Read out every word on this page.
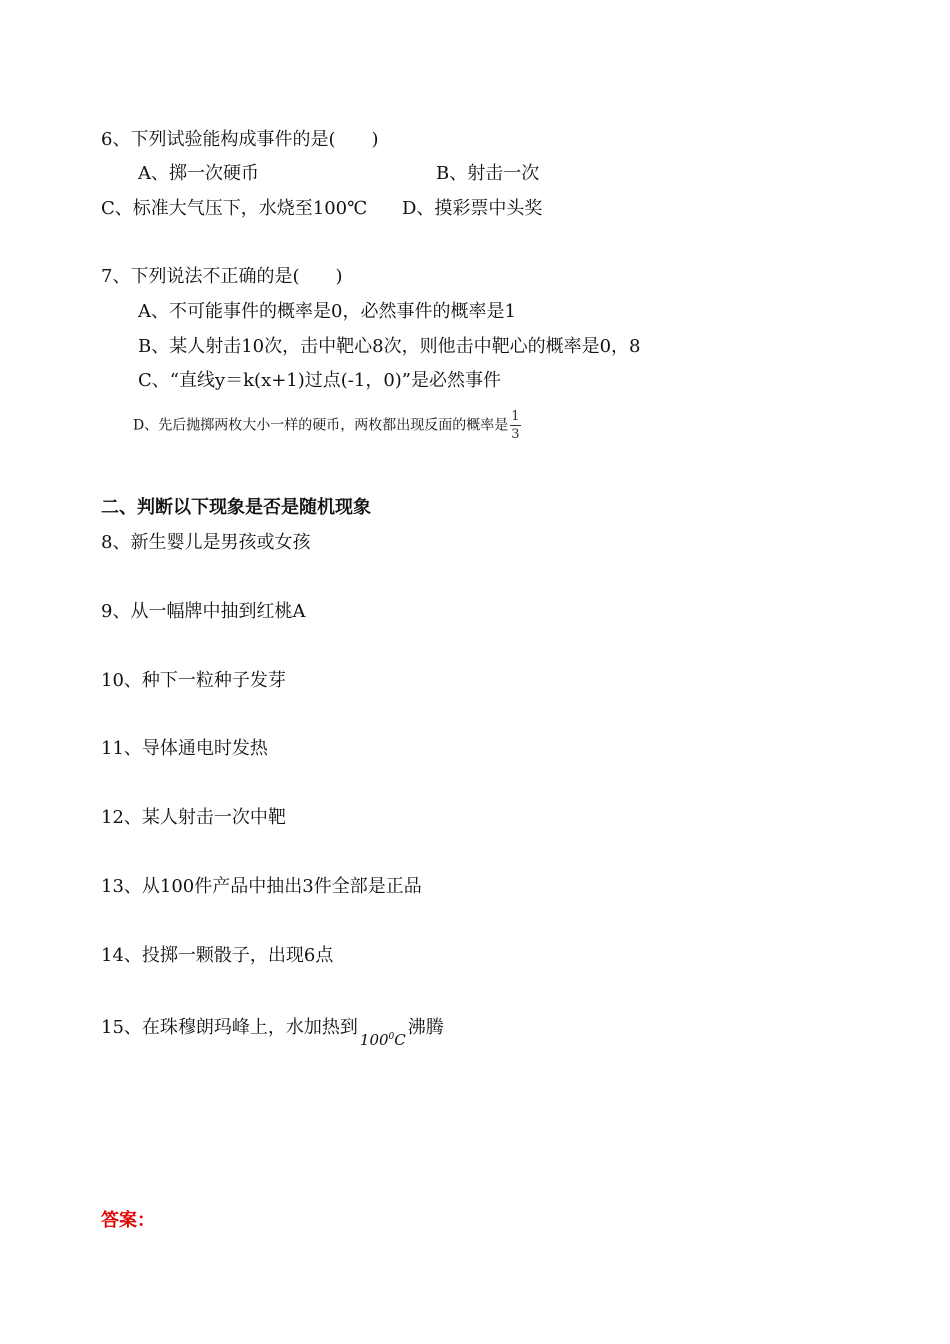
6、下列试验能构成事件的是(　　)
A、掷一次硬币	B、射击一次
C、标准大气压下，水烧至100℃ D、摸彩票中头奖
7、下列说法不正确的是(　　)
A、不可能事件的概率是0，必然事件的概率是1
B、某人射击10次，击中靶心8次，则他击中靶心的概率是0，8
C、“直线y＝k(x+1)过点(-1，0)”是必然事件
D、先后抛掷两枚大小一样的硬币，两枚都出现反面的概率是 $\frac{1}{3}$
二、判断以下现象是否是随机现象
8、新生婴儿是男孩或女孩
9、从一幅牌中抽到红桃A
10、种下一粒种子发芽
11、导体通电时发热
12、某人射击一次中靶
13、从100件产品中抽出3件全部是正品
14、投掷一颗骰子，出现6点
15、在珠穆朗玛峰上，水加热到$100^0C$沸腾
答案：
